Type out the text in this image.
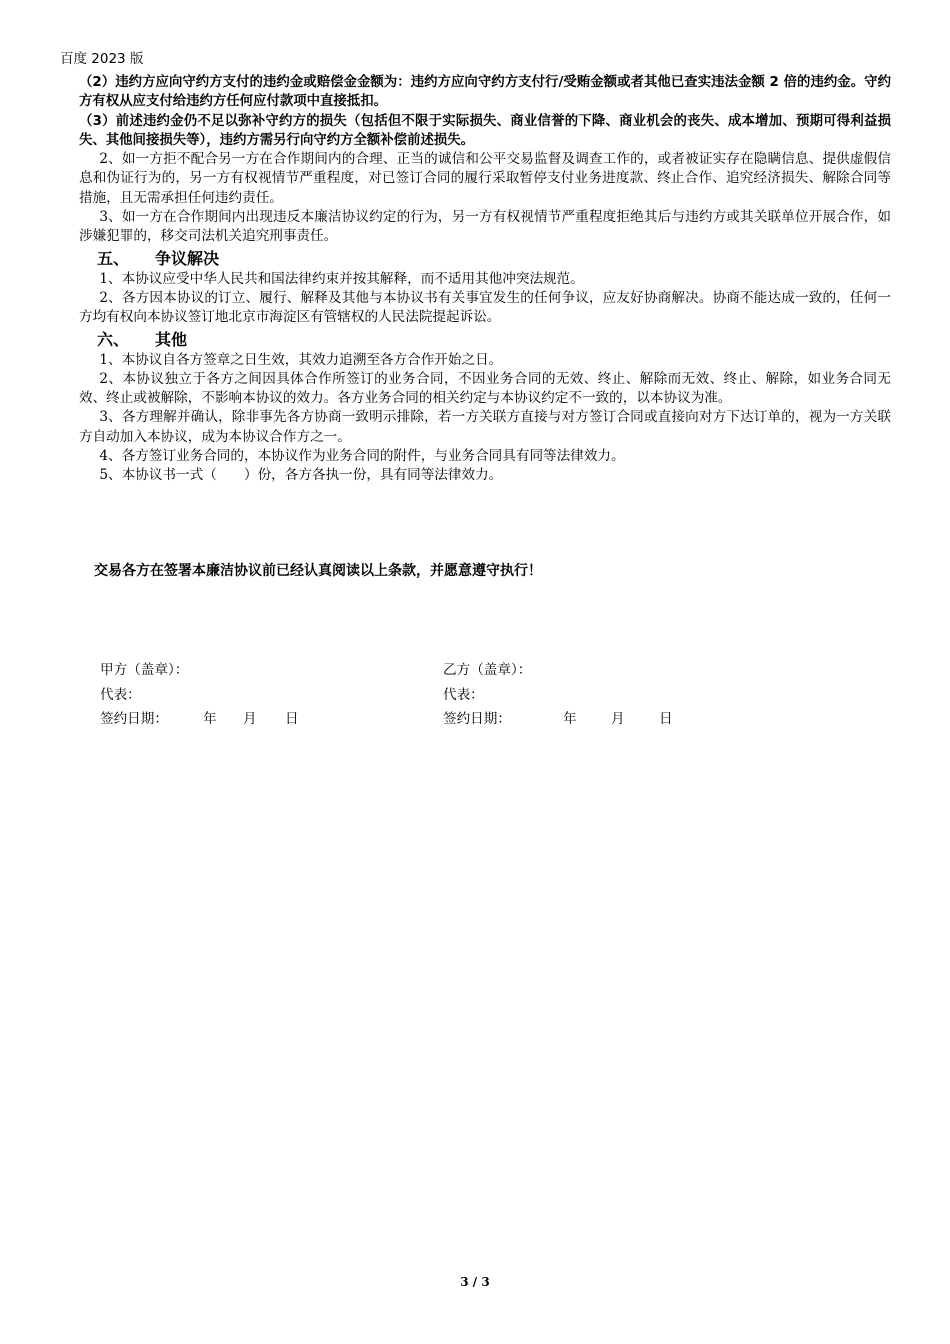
百度 2023 版

（2）违约方应向守约方支付的违约金或赔偿金金额为：违约方应向守约方支付行/受贿金额或者其他已查实违法金额 2 倍的违约金。守约方有权从应支付给违约方任何应付款项中直接抵扣。

（3）前述违约金仍不足以弥补守约方的损失（包括但不限于实际损失、商业信誉的下降、商业机会的丧失、成本增加、预期可得利益损失、其他间接损失等），违约方需另行向守约方全额补偿前述损失。

2、如一方拒不配合另一方在合作期间内的合理、正当的诚信和公平交易监督及调查工作的，或者被证实存在隐瞒信息、提供虚假信息和伪证行为的，另一方有权视情节严重程度，对已签订合同的履行采取暂停支付业务进度款、终止合作、追究经济损失、解除合同等措施，且无需承担任何违约责任。

3、如一方在合作期间内出现违反本廉洁协议约定的行为，另一方有权视情节严重程度拒绝其后与违约方或其关联单位开展合作，如涉嫌犯罪的，移交司法机关追究刑事责任。

五、 争议解决

1、本协议应受中华人民共和国法律约束并按其解释，而不适用其他冲突法规范。

2、各方因本协议的订立、履行、解释及其他与本协议书有关事宜发生的任何争议，应友好协商解决。协商不能达成一致的，任何一方均有权向本协议签订地北京市海淀区有管辖权的人民法院提起诉讼。

六、 其他

1、本协议自各方签章之日生效，其效力追溯至各方合作开始之日。

2、本协议独立于各方之间因具体合作所签订的业务合同，不因业务合同的无效、终止、解除而无效、终止、解除，如业务合同无效、终止或被解除，不影响本协议的效力。各方业务合同的相关约定与本协议约定不一致的，以本协议为准。

3、各方理解并确认，除非事先各方协商一致明示排除，若一方关联方直接与对方签订合同或直接向对方下达订单的，视为一方关联方自动加入本协议，成为本协议合作方之一。

4、各方签订业务合同的，本协议作为业务合同的附件，与业务合同具有同等法律效力。

5、本协议书一式（　　）份，各方各执一份，具有同等法律效力。

交易各方在签署本廉洁协议前已经认真阅读以上条款，并愿意遵守执行！
甲方（盖章）：
代表：
签约日期：	年 月 日
乙方（盖章）：
代表：
签约日期：	年	月	日
3 / 3
